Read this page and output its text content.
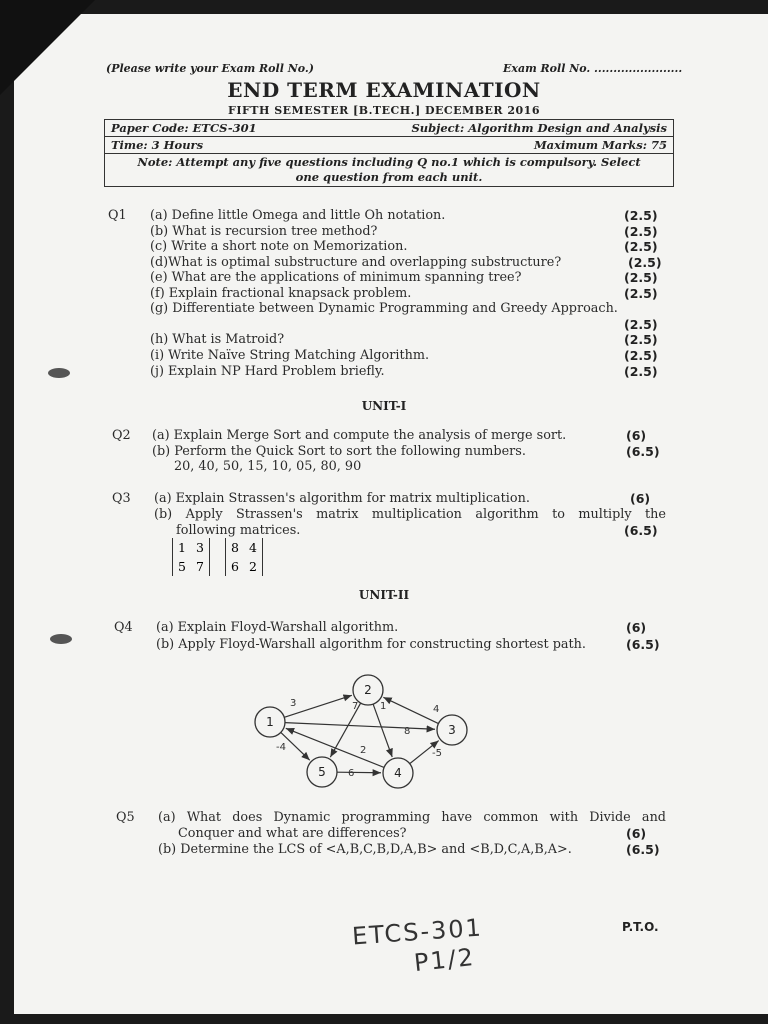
(Please write your Exam Roll No.)	Exam Roll No. .......................
END TERM EXAMINATION
FIFTH SEMESTER [B.TECH.] DECEMBER 2016
Paper Code: ETCS-301	Subject: Algorithm Design and Analysis
Time: 3 Hours	Maximum Marks: 75
Note: Attempt any five questions including Q no.1 which is compulsory. Select
one question from each unit.
Q1 (a) Define little Omega and little Oh notation.	(2.5)
(b) What is recursion tree method?	(2.5)
(c) Write a short note on Memorization.	(2.5)
(d)What is optimal substructure and overlapping substructure?	(2.5)
(e) What are the applications of minimum spanning tree?	(2.5)
(f) Explain fractional knapsack problem.	(2.5)
(g) Differentiate between Dynamic Programming and Greedy Approach.
(2.5)
(h) What is Matroid?	(2.5)
(i) Write Naïve String Matching Algorithm.	(2.5)
(j) Explain NP Hard Problem briefly.	(2.5)
UNIT-I
Q2 (a) Explain Merge Sort and compute the analysis of merge sort.	(6)
(b) Perform the Quick Sort to sort the following numbers.	(6.5)
20, 40, 50, 15, 10, 05, 80, 90
Q3 (a) Explain Strassen's algorithm for matrix multiplication.	(6)
(b) Apply Strassen's matrix multiplication algorithm to multiply the
following matrices.	(6.5)
1	3
5	7
8	4
6	2
UNIT-II
Q4 (a) Explain Floyd-Warshall algorithm.	(6)
(b) Apply Floyd-Warshall algorithm for constructing shortest path.	(6.5)
3
8
-4
7 1	4
2	-5
6
1
2
3
4
5
Q5 (a) What does Dynamic programming have common with Divide and
Conquer and what are differences?	(6)
(b) Determine the LCS of <A,B,C,B,D,A,B> and <B,D,C,A,B,A>.	(6.5)
P.T.O.
ETCS-301
P1/2
